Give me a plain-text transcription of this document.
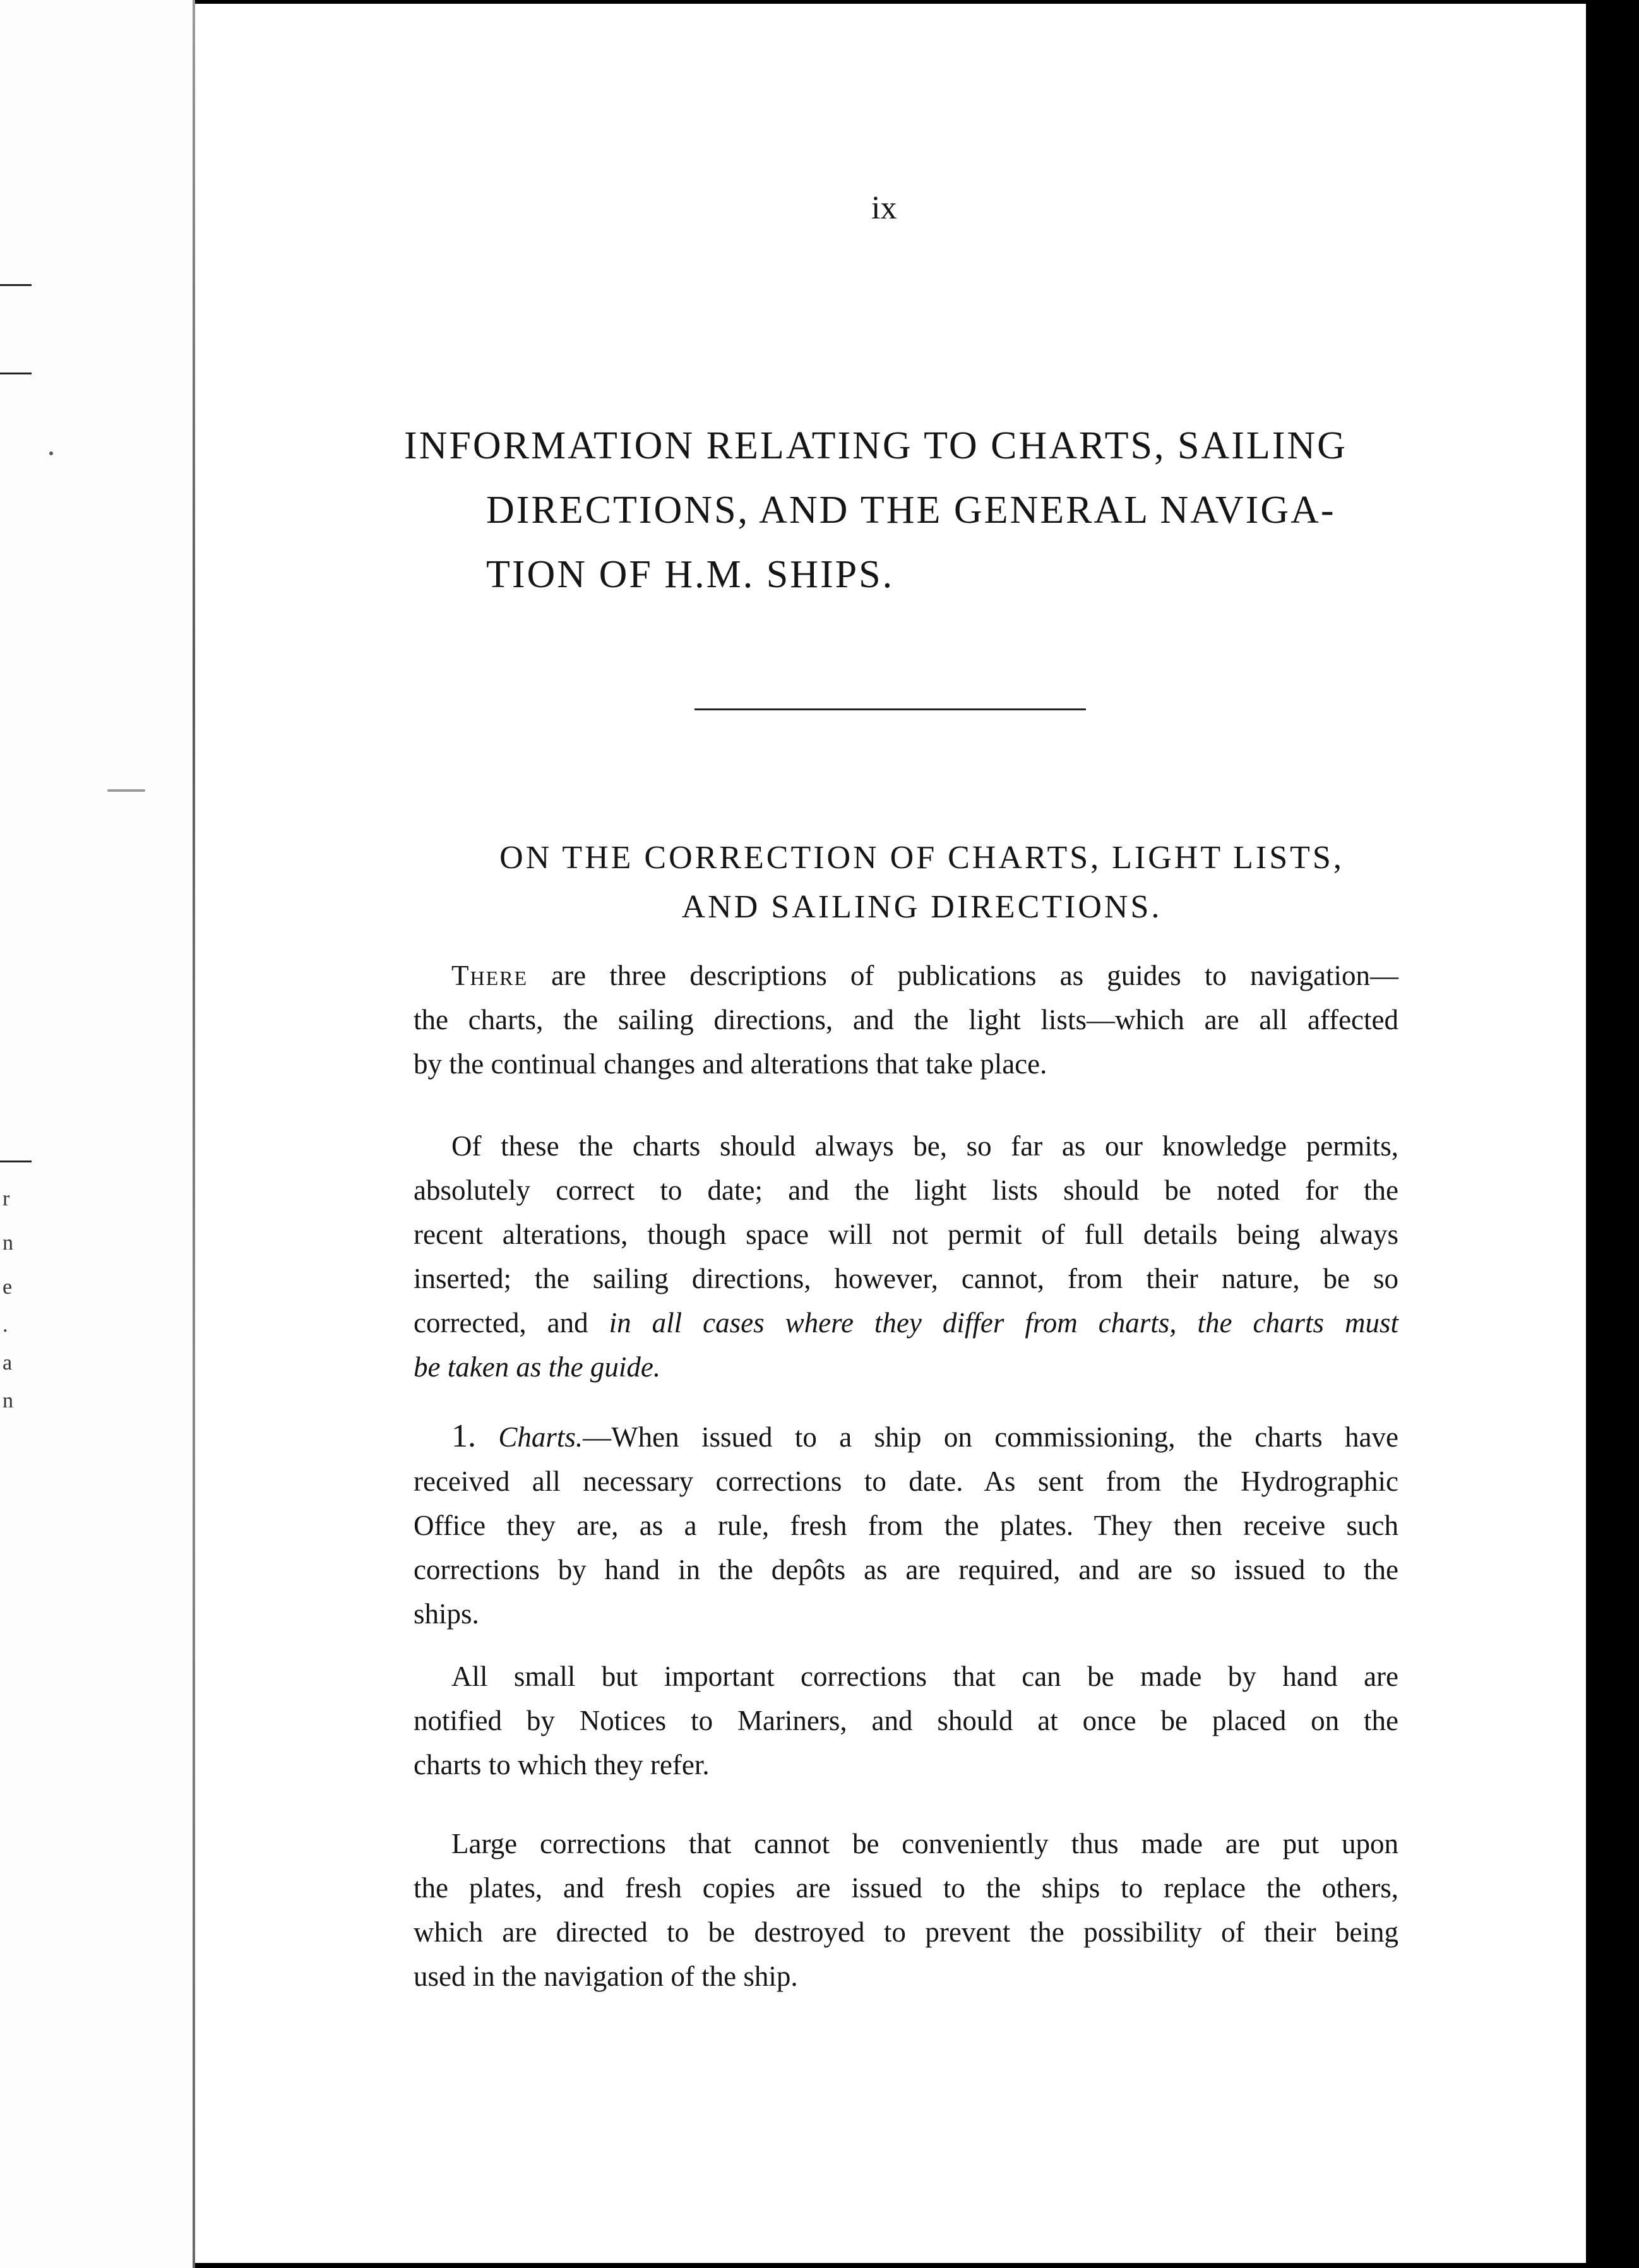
r
n
e
.
a
n
ix
INFORMATION RELATING TO CHARTS, SAILING
DIRECTIONS, AND THE GENERAL NAVIGA-
TION OF H.M. SHIPS.
ON THE CORRECTION OF CHARTS, LIGHT LISTS,
AND SAILING DIRECTIONS.
There are three descriptions of publications as guides to navigation—
the charts, the sailing directions, and the light lists—which are all affected
by the continual changes and alterations that take place.
Of these the charts should always be, so far as our knowledge permits,
absolutely correct to date; and the light lists should be noted for the
recent alterations, though space will not permit of full details being always
inserted; the sailing directions, however, cannot, from their nature, be so
corrected, and in all cases where they differ from charts, the charts must
be taken as the guide.
1. Charts.—When issued to a ship on commissioning, the charts have
received all necessary corrections to date. As sent from the Hydrographic
Office they are, as a rule, fresh from the plates. They then receive such
corrections by hand in the depôts as are required, and are so issued to the
ships.
All small but important corrections that can be made by hand are
notified by Notices to Mariners, and should at once be placed on the
charts to which they refer.
Large corrections that cannot be conveniently thus made are put upon
the plates, and fresh copies are issued to the ships to replace the others,
which are directed to be destroyed to prevent the possibility of their being
used in the navigation of the ship.
